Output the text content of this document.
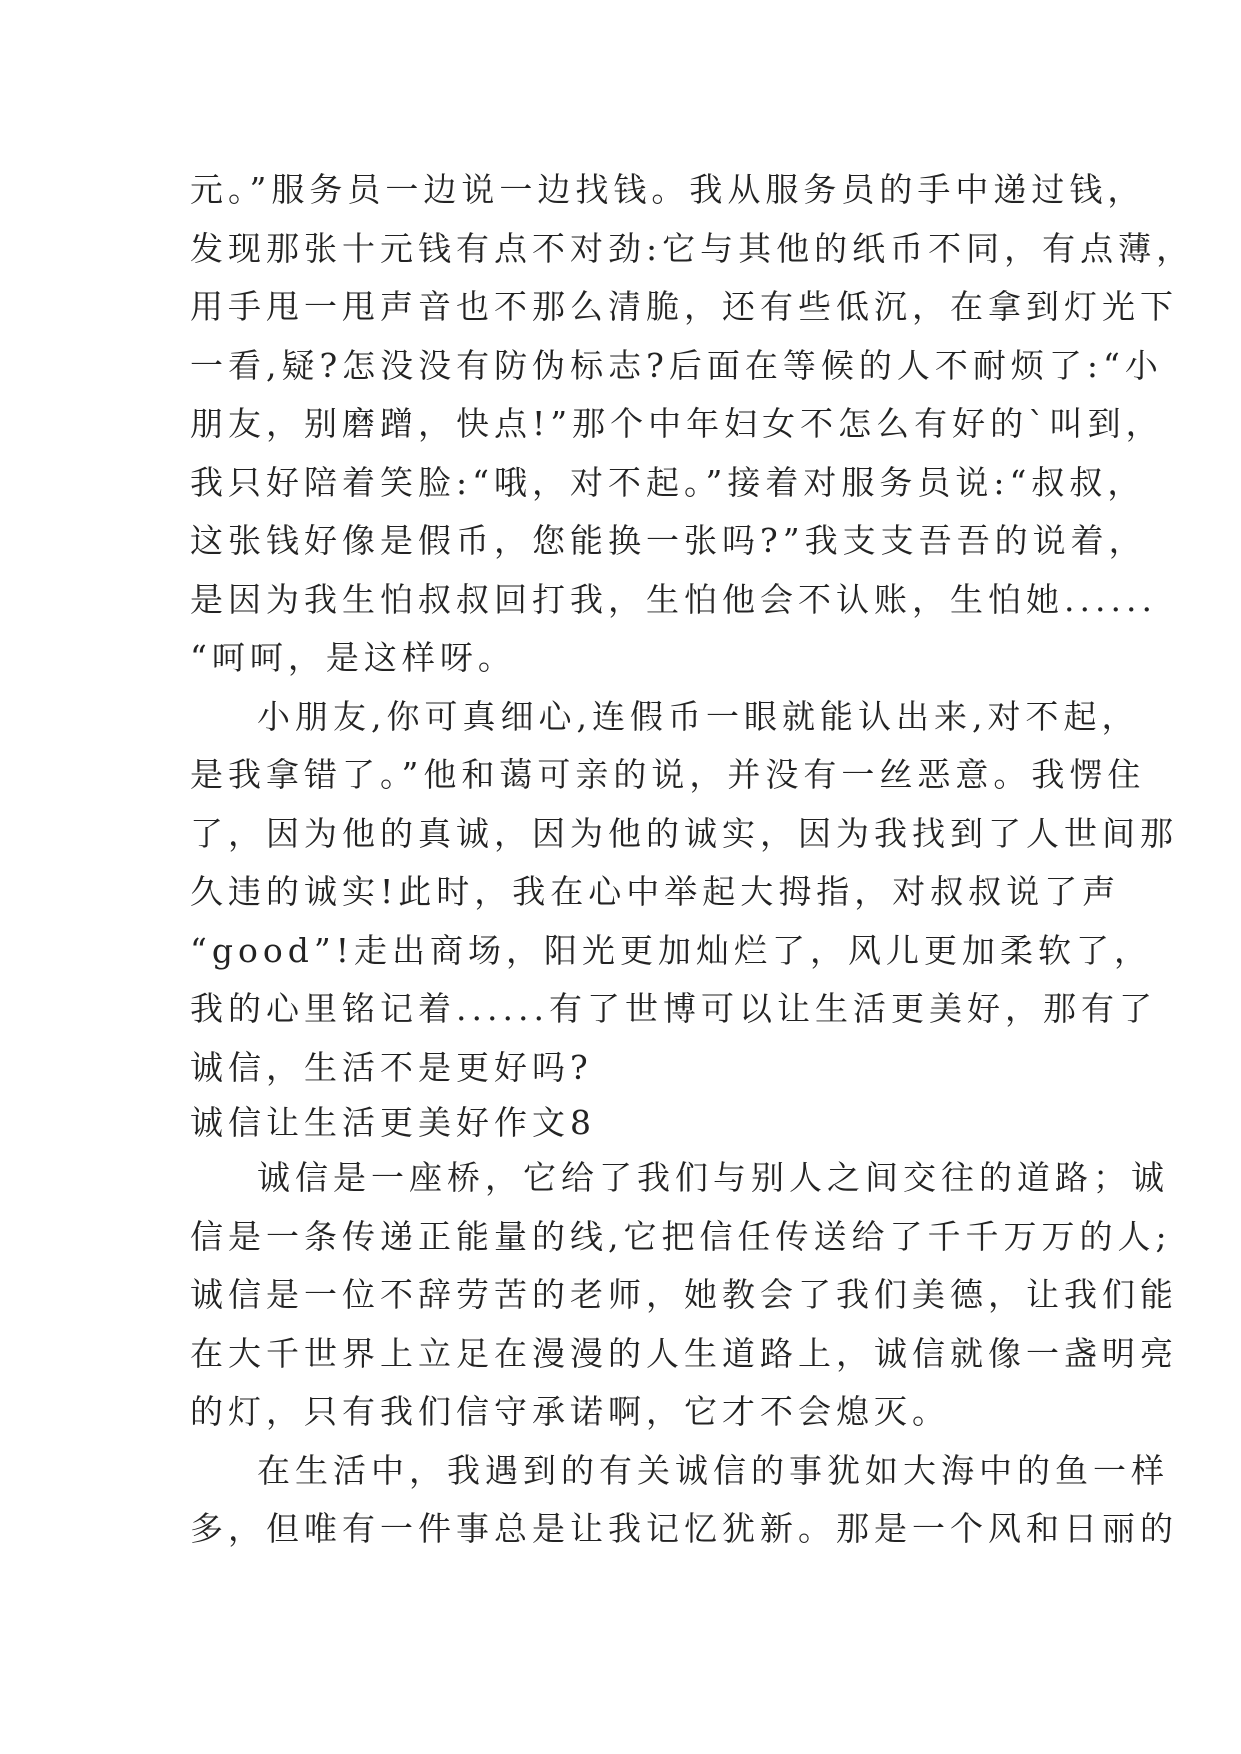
元。”服务员一边说一边找钱。我从服务员的手中递过钱，
发现那张十元钱有点不对劲:它与其他的纸币不同，有点薄，
用手甩一甩声音也不那么清脆，还有些低沉，在拿到灯光下
一看,疑?怎没没有防伪标志?后面在等候的人不耐烦了:“小
朋友，别磨蹭，快点!”那个中年妇女不怎么有好的`叫到，
我只好陪着笑脸:“哦，对不起。”接着对服务员说:“叔叔，
这张钱好像是假币，您能换一张吗?”我支支吾吾的说着，
是因为我生怕叔叔回打我，生怕他会不认账，生怕她......
“呵呵，是这样呀。
小朋友,你可真细心,连假币一眼就能认出来,对不起，
是我拿错了。”他和蔼可亲的说，并没有一丝恶意。我愣住
了，因为他的真诚，因为他的诚实，因为我找到了人世间那
久违的诚实!此时，我在心中举起大拇指，对叔叔说了声
“good”!走出商场，阳光更加灿烂了，风儿更加柔软了，
我的心里铭记着......有了世博可以让生活更美好，那有了
诚信，生活不是更好吗?
诚信让生活更美好作文8
诚信是一座桥，它给了我们与别人之间交往的道路；诚
信是一条传递正能量的线,它把信任传送给了千千万万的人;
诚信是一位不辞劳苦的老师，她教会了我们美德，让我们能
在大千世界上立足在漫漫的人生道路上，诚信就像一盏明亮
的灯，只有我们信守承诺啊，它才不会熄灭。
在生活中，我遇到的有关诚信的事犹如大海中的鱼一样
多，但唯有一件事总是让我记忆犹新。那是一个风和日丽的
